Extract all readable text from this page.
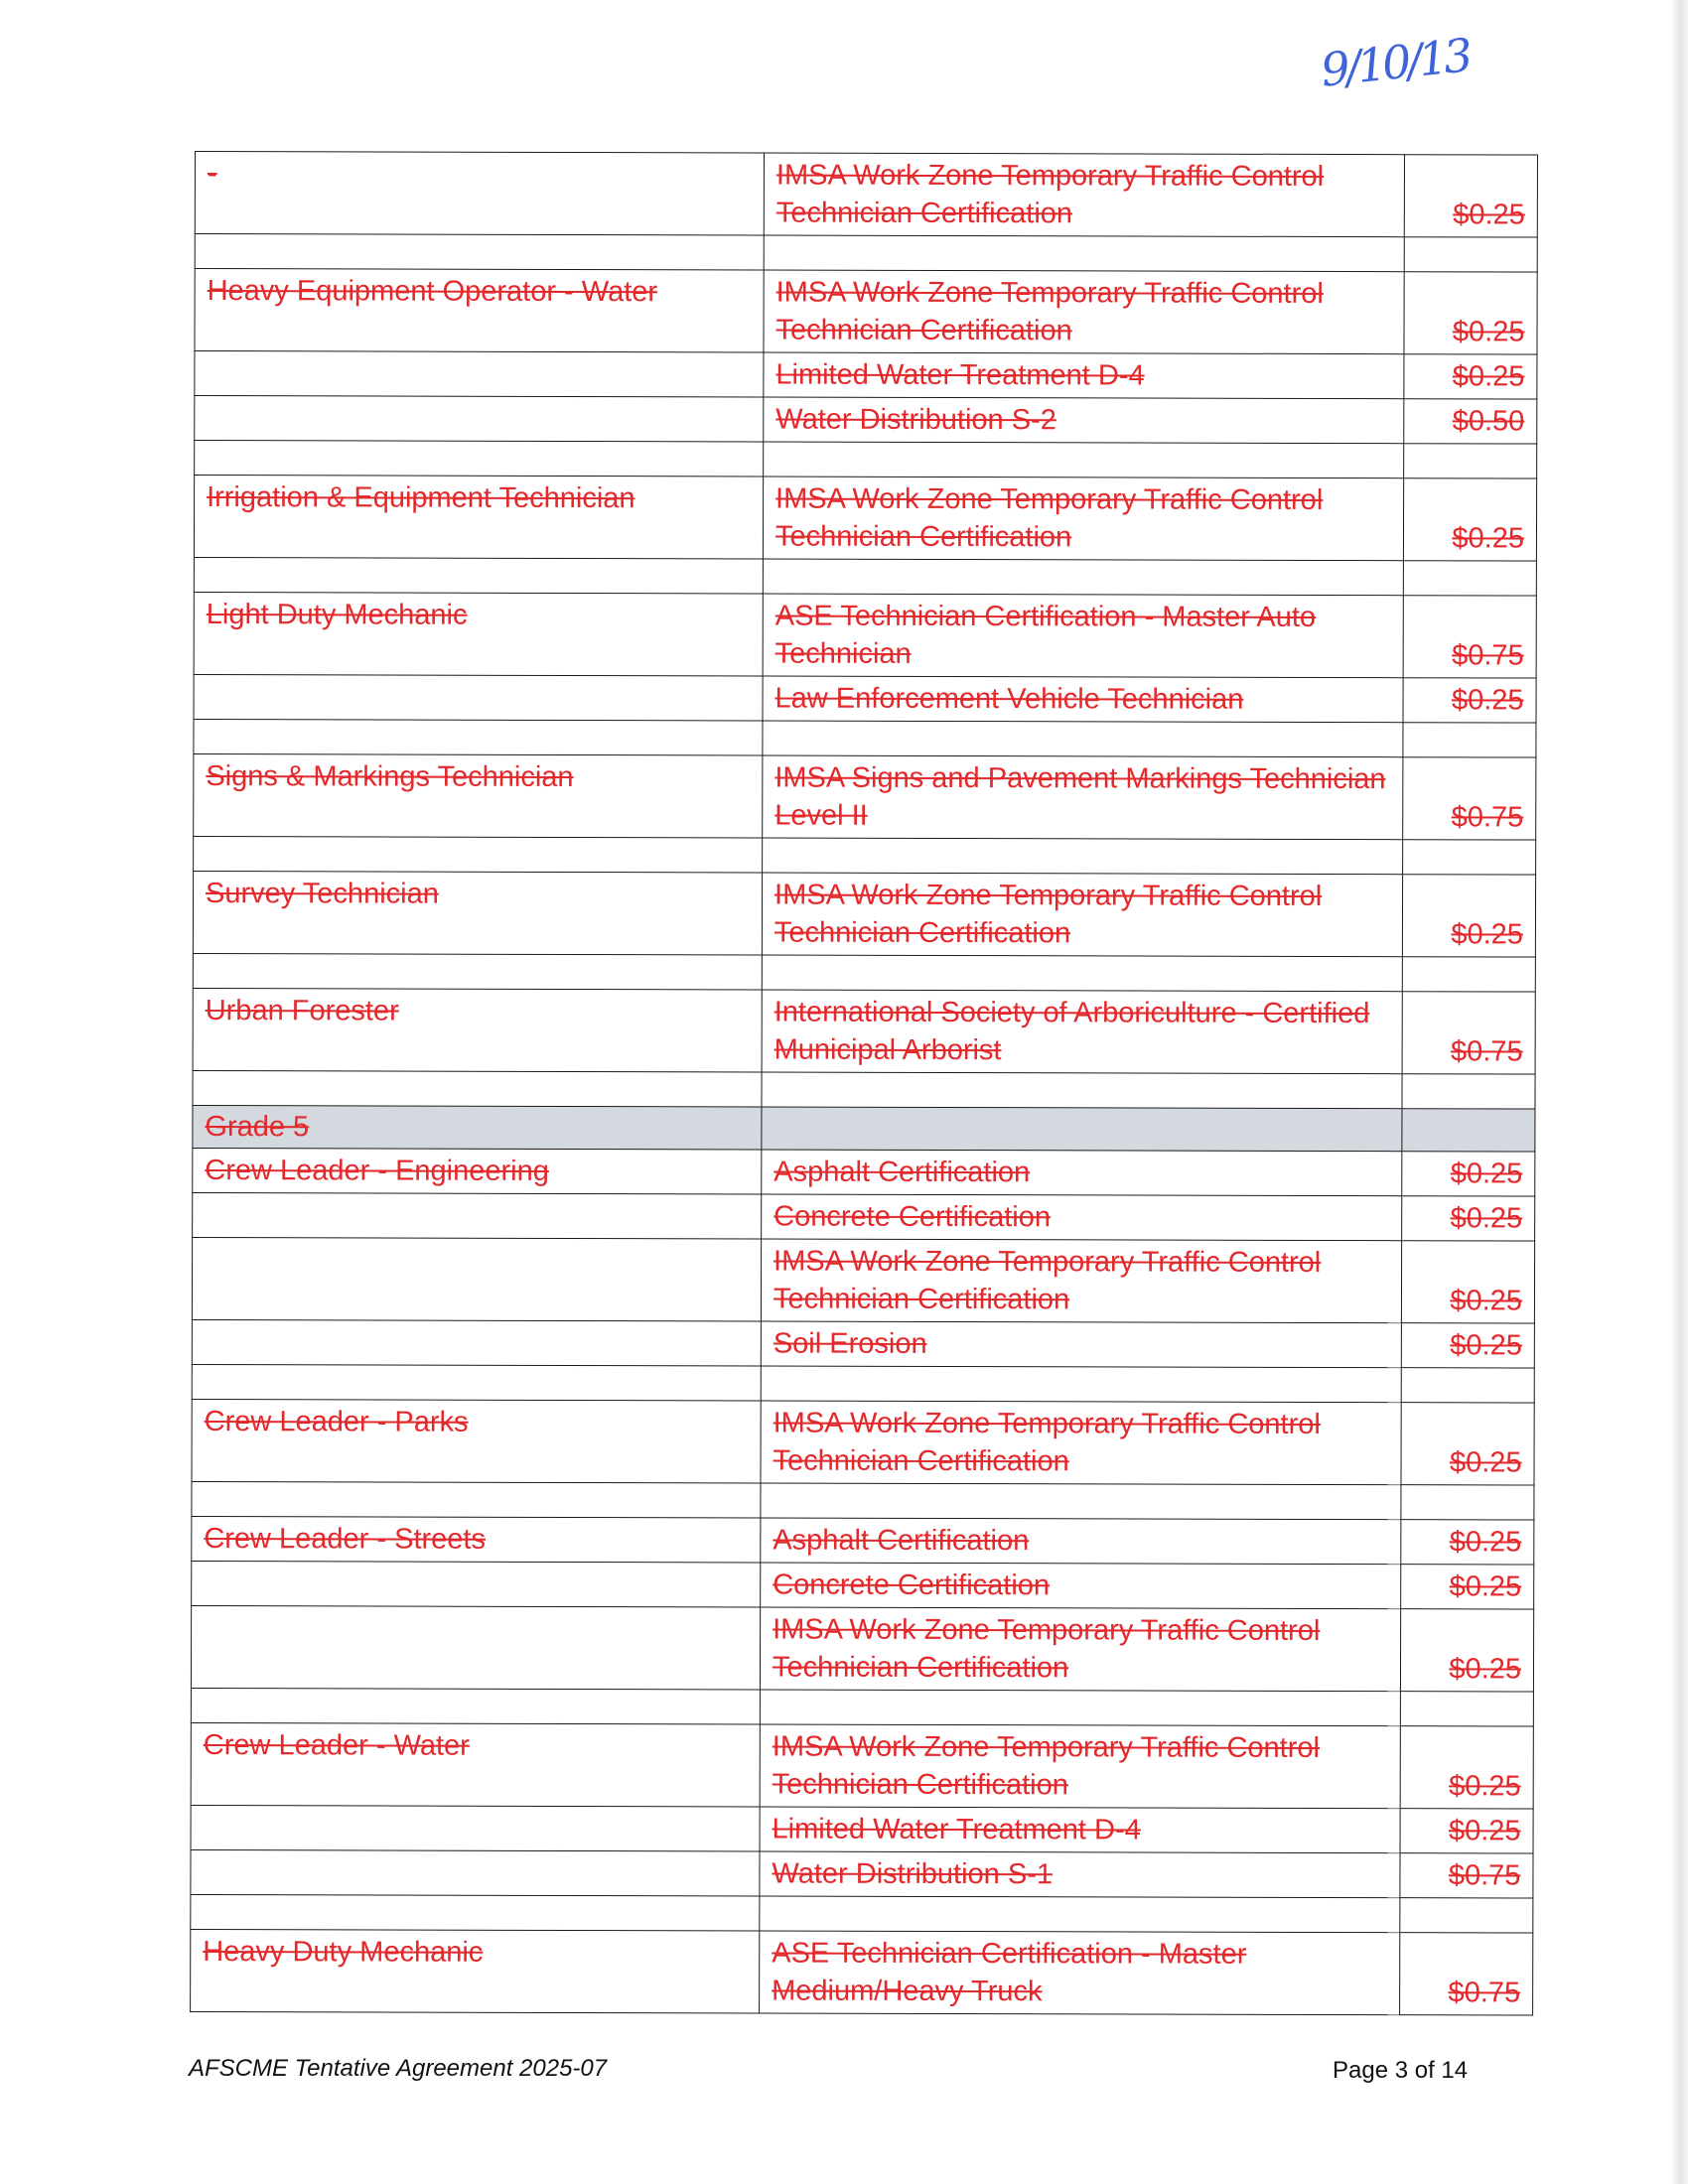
9/10/13
-	IMSA Work Zone Temporary Traffic Control Technician Certification	$0.25

Heavy Equipment Operator - Water	IMSA Work Zone Temporary Traffic Control Technician Certification	$0.25
	Limited Water Treatment D-4	$0.25
	Water Distribution S-2	$0.50

Irrigation & Equipment Technician	IMSA Work Zone Temporary Traffic Control Technician Certification	$0.25

Light Duty Mechanic	ASE Technician Certification - Master Auto Technician	$0.75
	Law Enforcement Vehicle Technician	$0.25

Signs & Markings Technician	IMSA Signs and Pavement Markings Technician Level II	$0.75

Survey Technician	IMSA Work Zone Temporary Traffic Control Technician Certification	$0.25

Urban Forester	International Society of Arboriculture - Certified Municipal Arborist	$0.75

Grade 5		
Crew Leader - Engineering	Asphalt Certification	$0.25
	Concrete Certification	$0.25
	IMSA Work Zone Temporary Traffic Control Technician Certification	$0.25
	Soil Erosion	$0.25

Crew Leader - Parks	IMSA Work Zone Temporary Traffic Control Technician Certification	$0.25

Crew Leader - Streets	Asphalt Certification	$0.25
	Concrete Certification	$0.25
	IMSA Work Zone Temporary Traffic Control Technician Certification	$0.25

Crew Leader - Water	IMSA Work Zone Temporary Traffic Control Technician Certification	$0.25
	Limited Water Treatment D-4	$0.25
	Water Distribution S-1	$0.75

Heavy Duty Mechanic	ASE Technician Certification - Master Medium/Heavy Truck	$0.75
AFSCME Tentative Agreement 2025-07	Page 3 of 14
